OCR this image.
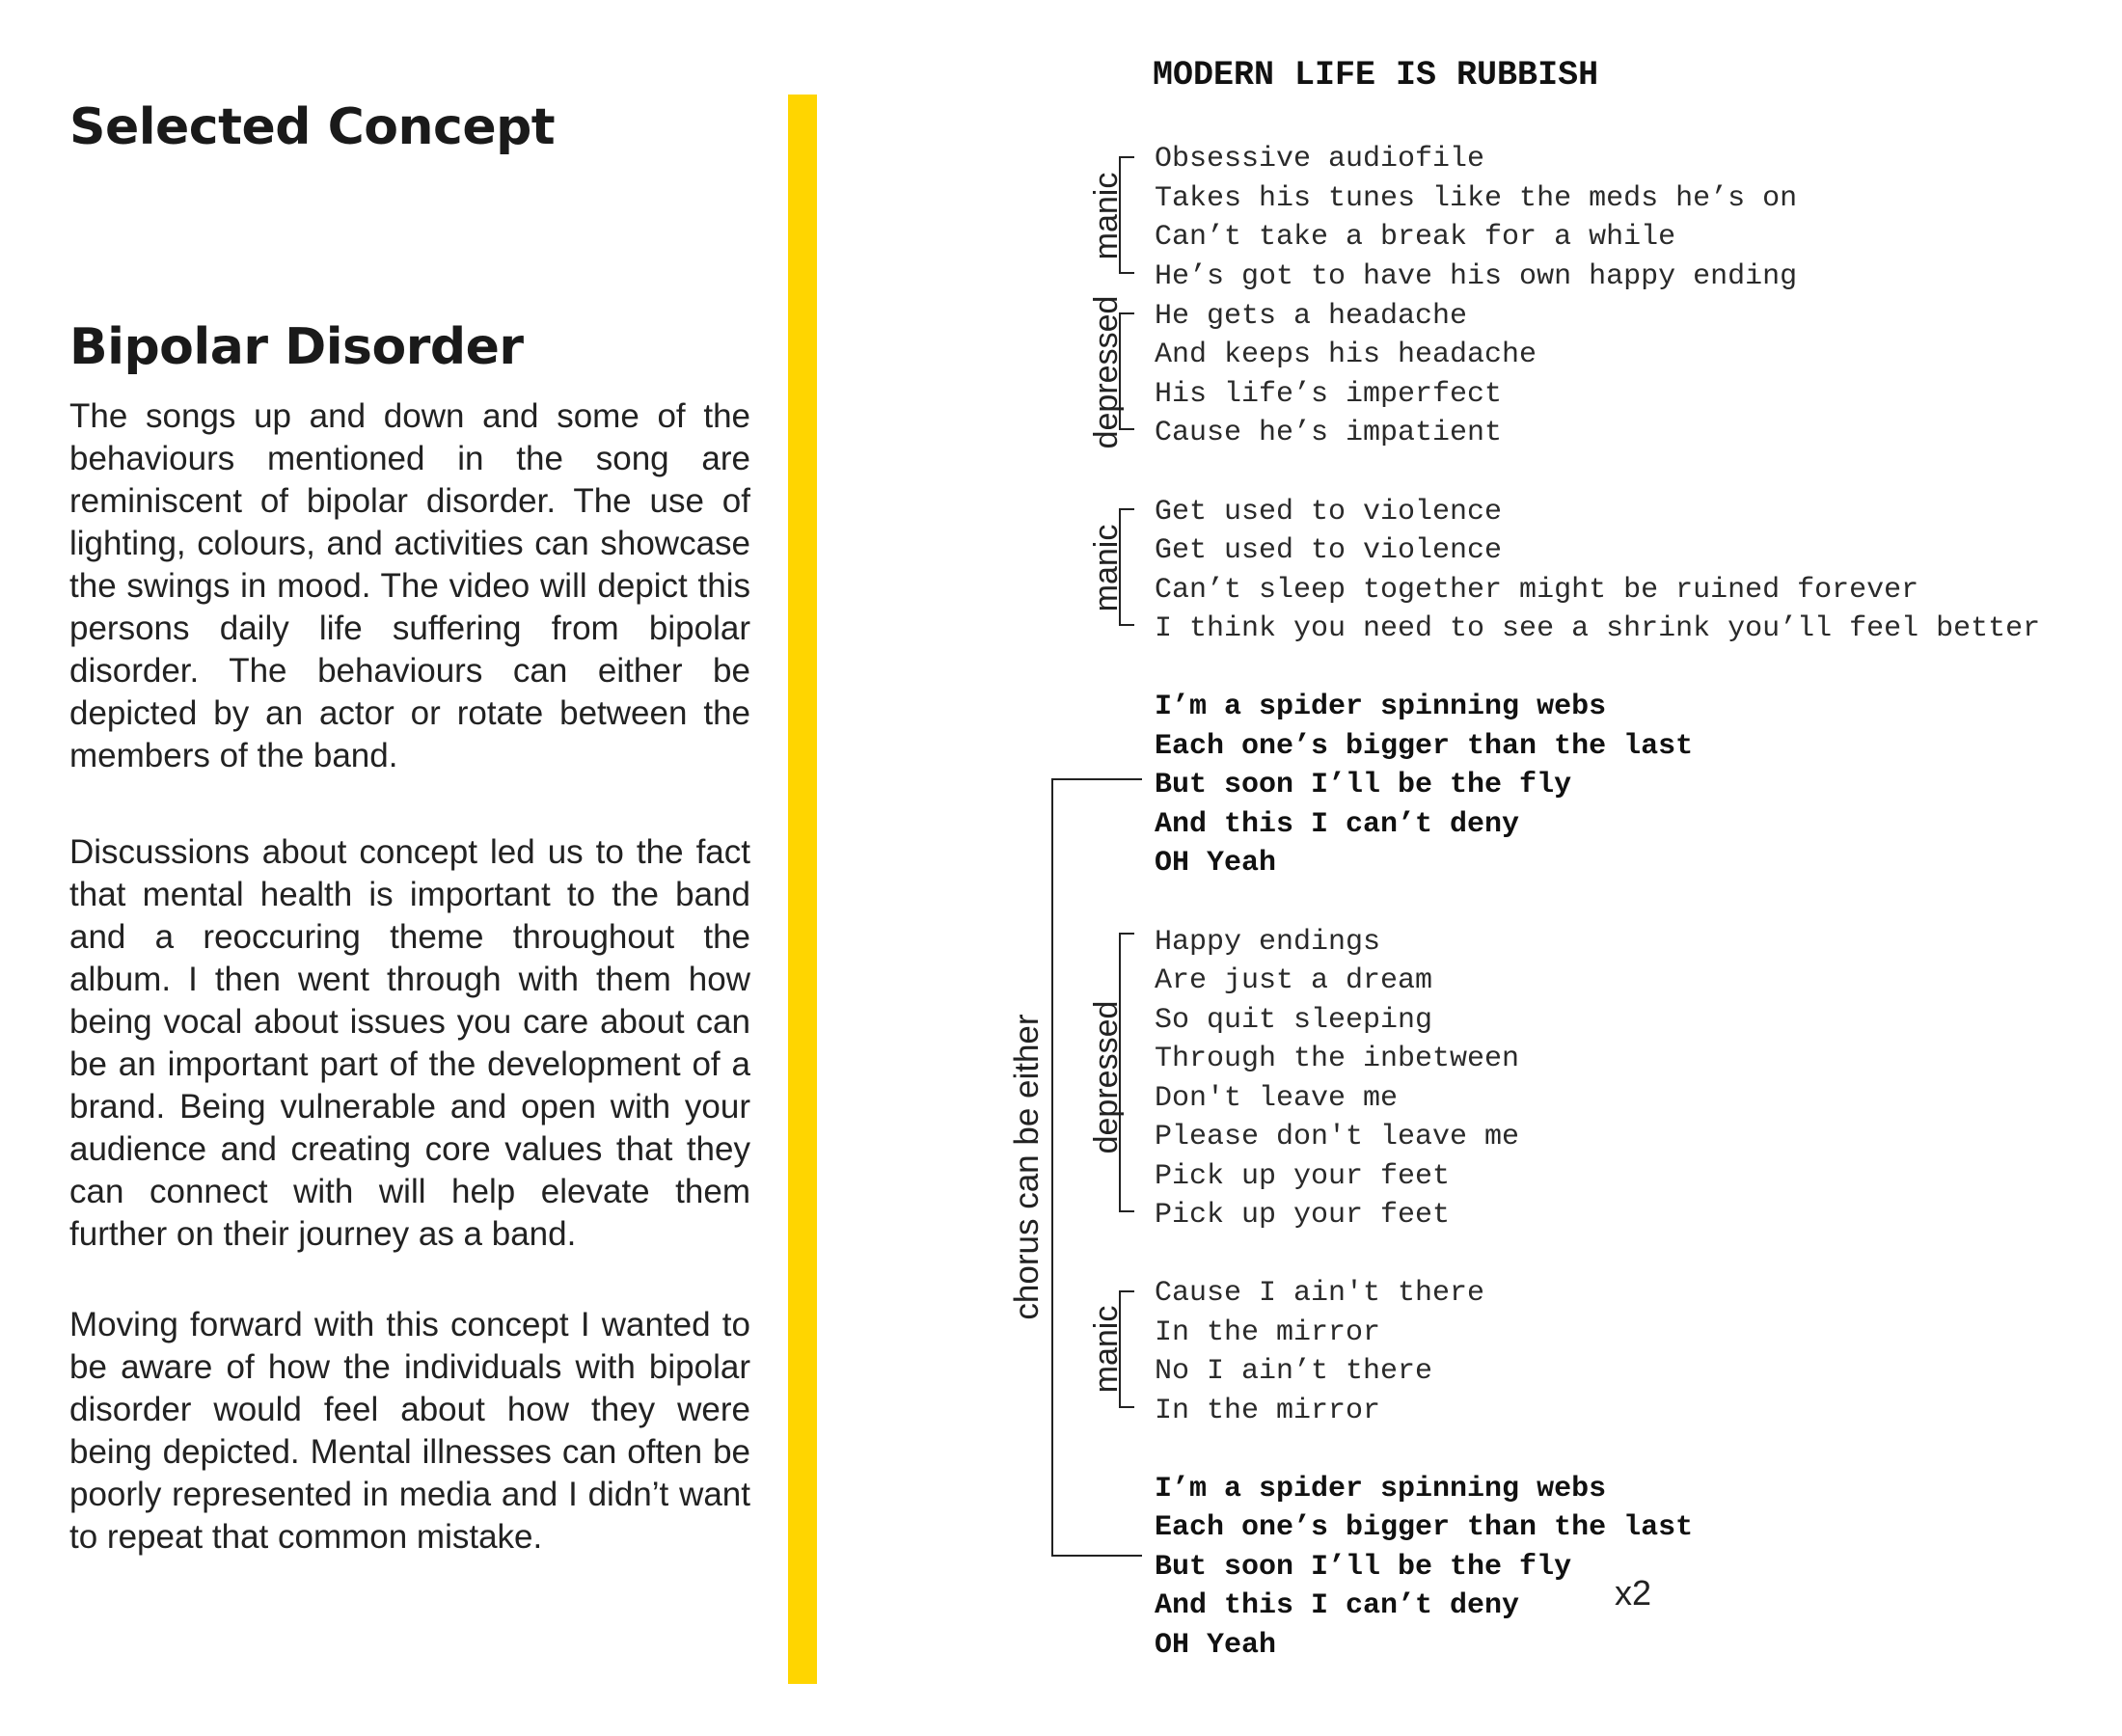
Selected Concept
Bipolar Disorder

The songs up and down and some of the behaviours mentioned in the song are reminiscent of bipolar disorder. The use of lighting, colours, and activities can showcase the swings in mood. The video will depict this persons daily life suffering from bipolar disorder. The behaviours can either be depicted by an actor or rotate between the members of the band.

Discussions about concept led us to the fact that mental health is important to the band and a reoccuring theme throughout the album. I then went through with them how being vocal about issues you care about can be an important part of the development of a brand. Being vulnerable and open with your audience and creating core values that they can connect with will help elevate them further on their journey as a band.

Moving forward with this concept I wanted to be aware of how the individuals with bipolar disorder would feel about how they were being depicted. Mental illnesses can often be poorly represented in media and I didn’t want to repeat that common mistake.

MODERN LIFE IS RUBBISH

Obsessive audiofile

Takes his tunes like the meds he’s on

Can’t take a break for a while

He’s got to have his own happy ending

He gets a headache

And keeps his headache

His life’s imperfect

Cause he’s impatient

Get used to violence

Get used to violence

Can’t sleep together might be ruined forever

I think you need to see a shrink you’ll feel better

I’m a spider spinning webs

Each one’s bigger than the last

But soon I’ll be the fly

And this I can’t deny

OH Yeah

Happy endings

Are just a dream

So quit sleeping

Through the inbetween

Don't leave me

Please don't leave me

Pick up your feet

Pick up your feet

Cause I ain't there

In the mirror

No I ain’t there

In the mirror

I’m a spider spinning webs

Each one’s bigger than the last

But soon I’ll be the fly

And this I can’t deny

OH Yeah

manic

depressed

manic

depressed

manic

chorus can be either

x2
